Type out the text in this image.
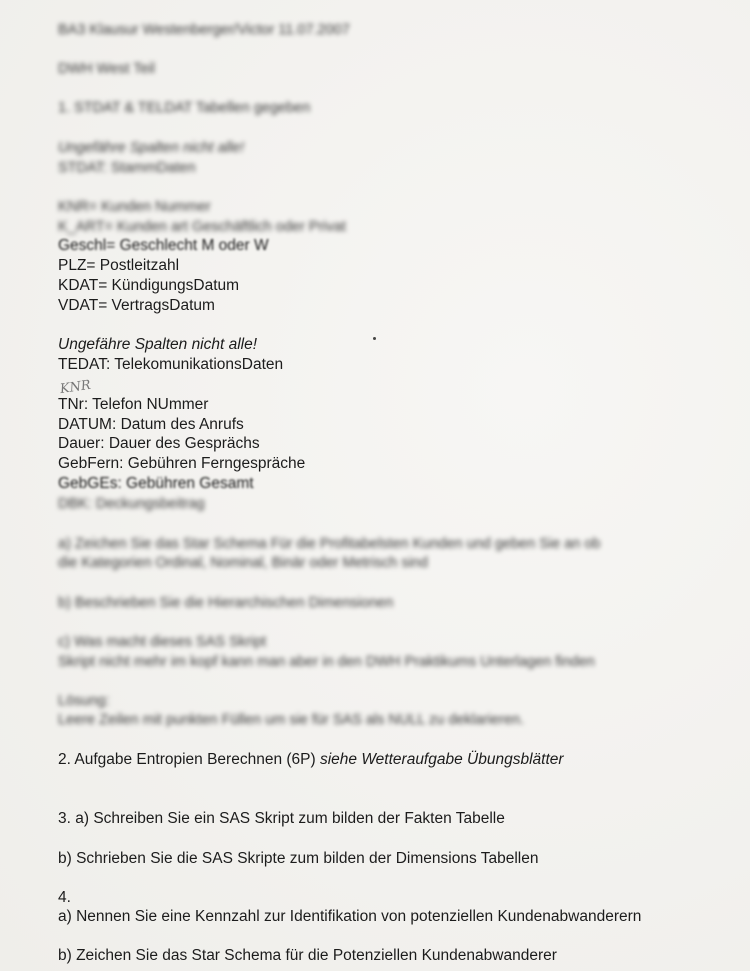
BA3 Klausur Westenberger/Victor 11.07.2007

DWH West Teil

1. STDAT & TELDAT Tabellen gegeben

Ungefähre Spalten nicht alle!

STDAT: StammDaten

KNR= Kunden Nummer

K_ART= Kunden art Geschäftlich oder Privat

Geschl= Geschlecht M oder W

PLZ= Postleitzahl

KDAT= KündigungsDatum

VDAT= VertragsDatum

Ungefähre Spalten nicht alle!

TEDAT: TelekomunikationsDaten

KNR

TNr: Telefon NUmmer

DATUM: Datum des Anrufs

Dauer: Dauer des Gesprächs

GebFern: Gebühren Ferngespräche

GebGEs: Gebühren Gesamt

DBK: Deckungsbeitrag

a) Zeichen Sie das Star Schema Für die Profitabelsten Kunden und geben Sie an ob

die Kategorien Ordinal, Nominal, Binär oder Metrisch sind

b) Beschrieben Sie die Hierarchischen Dimensionen

c) Was macht dieses SAS Skript

Skript nicht mehr im kopf kann man aber in den DWH Praktikums Unterlagen finden

Lösung:

Leere Zeilen mit punkten Füllen um sie für SAS als NULL zu deklarieren.

2. Aufgabe Entropien Berechnen (6P) siehe Wetteraufgabe Übungsblätter

3. a) Schreiben Sie ein SAS Skript zum bilden der Fakten Tabelle

b) Schrieben Sie die SAS Skripte zum bilden der Dimensions Tabellen

4.

a) Nennen Sie eine Kennzahl zur Identifikation von potenziellen Kundenabwanderern

b) Zeichen Sie das Star Schema für die Potenziellen Kundenabwanderer
